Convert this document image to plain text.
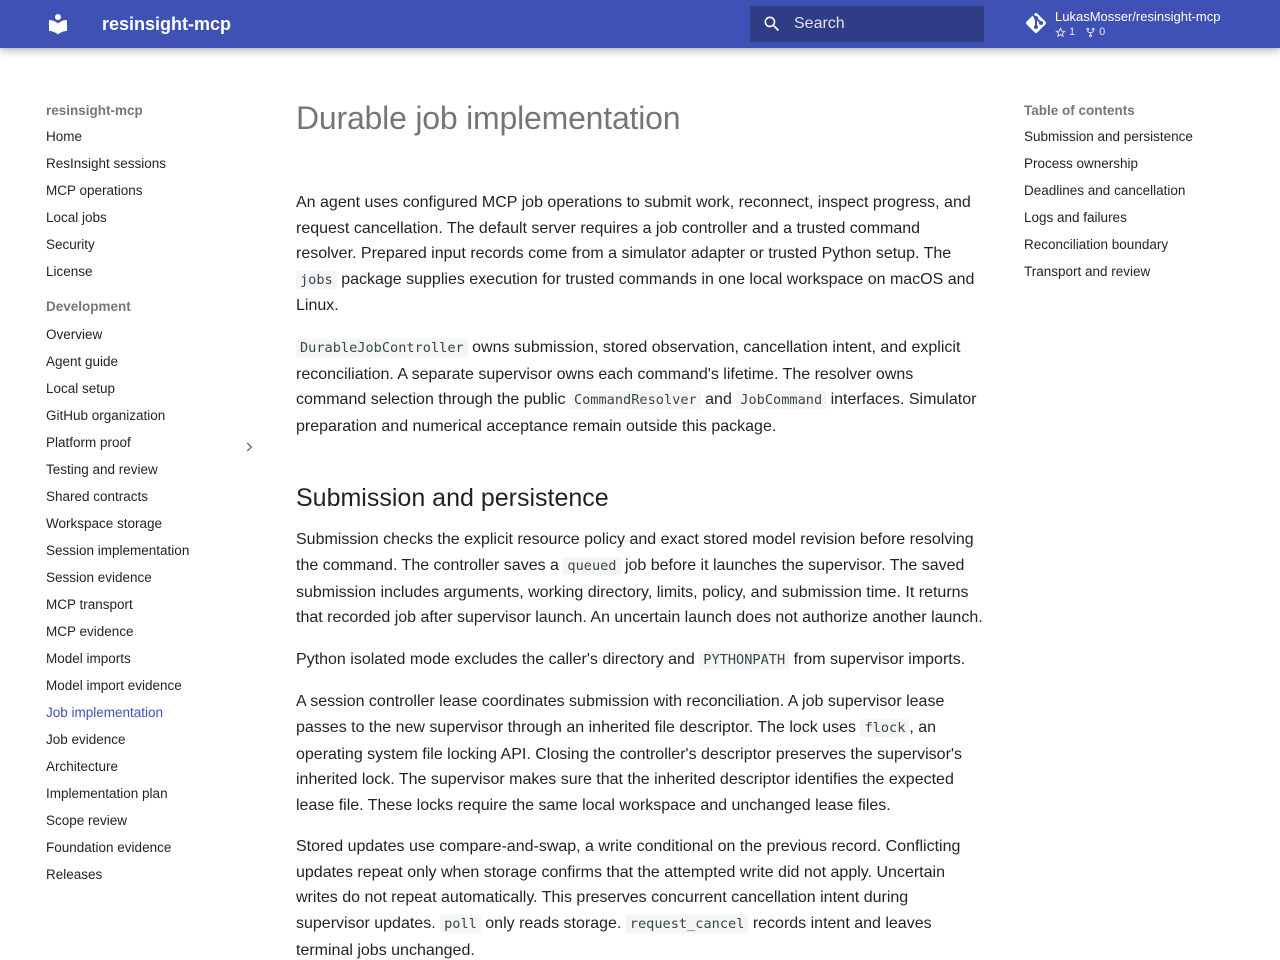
resinsight-mcp
Search	LukasMosser/resinsight-mcp
1 0
resinsight-mcp
Home
ResInsight sessions
MCP operations
Local jobs
Security
License
Development
Overview
Agent guide
Local setup
GitHub organization
Platform proof
Testing and review
Shared contracts
Workspace storage
Session implementation
Session evidence
MCP transport
MCP evidence
Model imports
Model import evidence
Job implementation
Job evidence
Architecture
Implementation plan
Scope review
Foundation evidence
Releases
Durable job implementation

An agent uses configured MCP job operations to submit work, reconnect, inspect progress, and request cancellation. The default server requires a job controller and a trusted command resolver. Prepared input records come from a simulator adapter or trusted Python setup. The jobs package supplies execution for trusted commands in one local workspace on macOS and Linux.

DurableJobController owns submission, stored observation, cancellation intent, and explicit reconciliation. A separate supervisor owns each command's lifetime. The resolver owns command selection through the public CommandResolver and JobCommand interfaces. Simulator preparation and numerical acceptance remain outside this package.

Submission and persistence

Submission checks the explicit resource policy and exact stored model revision before resolving the command. The controller saves a queued job before it launches the supervisor. The saved submission includes arguments, working directory, limits, policy, and submission time. It returns that recorded job after supervisor launch. An uncertain launch does not authorize another launch.

Python isolated mode excludes the caller's directory and PYTHONPATH from supervisor imports.

A session controller lease coordinates submission with reconciliation. A job supervisor lease passes to the new supervisor through an inherited file descriptor. The lock uses flock , an operating system file locking API. Closing the controller's descriptor preserves the supervisor's inherited lock. The supervisor makes sure that the inherited descriptor identifies the expected lease file. These locks require the same local workspace and unchanged lease files.

Stored updates use compare-and-swap, a write conditional on the previous record. Conflicting updates repeat only when storage confirms that the attempted write did not apply. Uncertain writes do not repeat automatically. This preserves concurrent cancellation intent during supervisor updates. poll only reads storage. request_cancel records intent and leaves terminal jobs unchanged.

Table of contents
Submission and persistence
Process ownership
Deadlines and cancellation
Logs and failures
Reconciliation boundary
Transport and review
